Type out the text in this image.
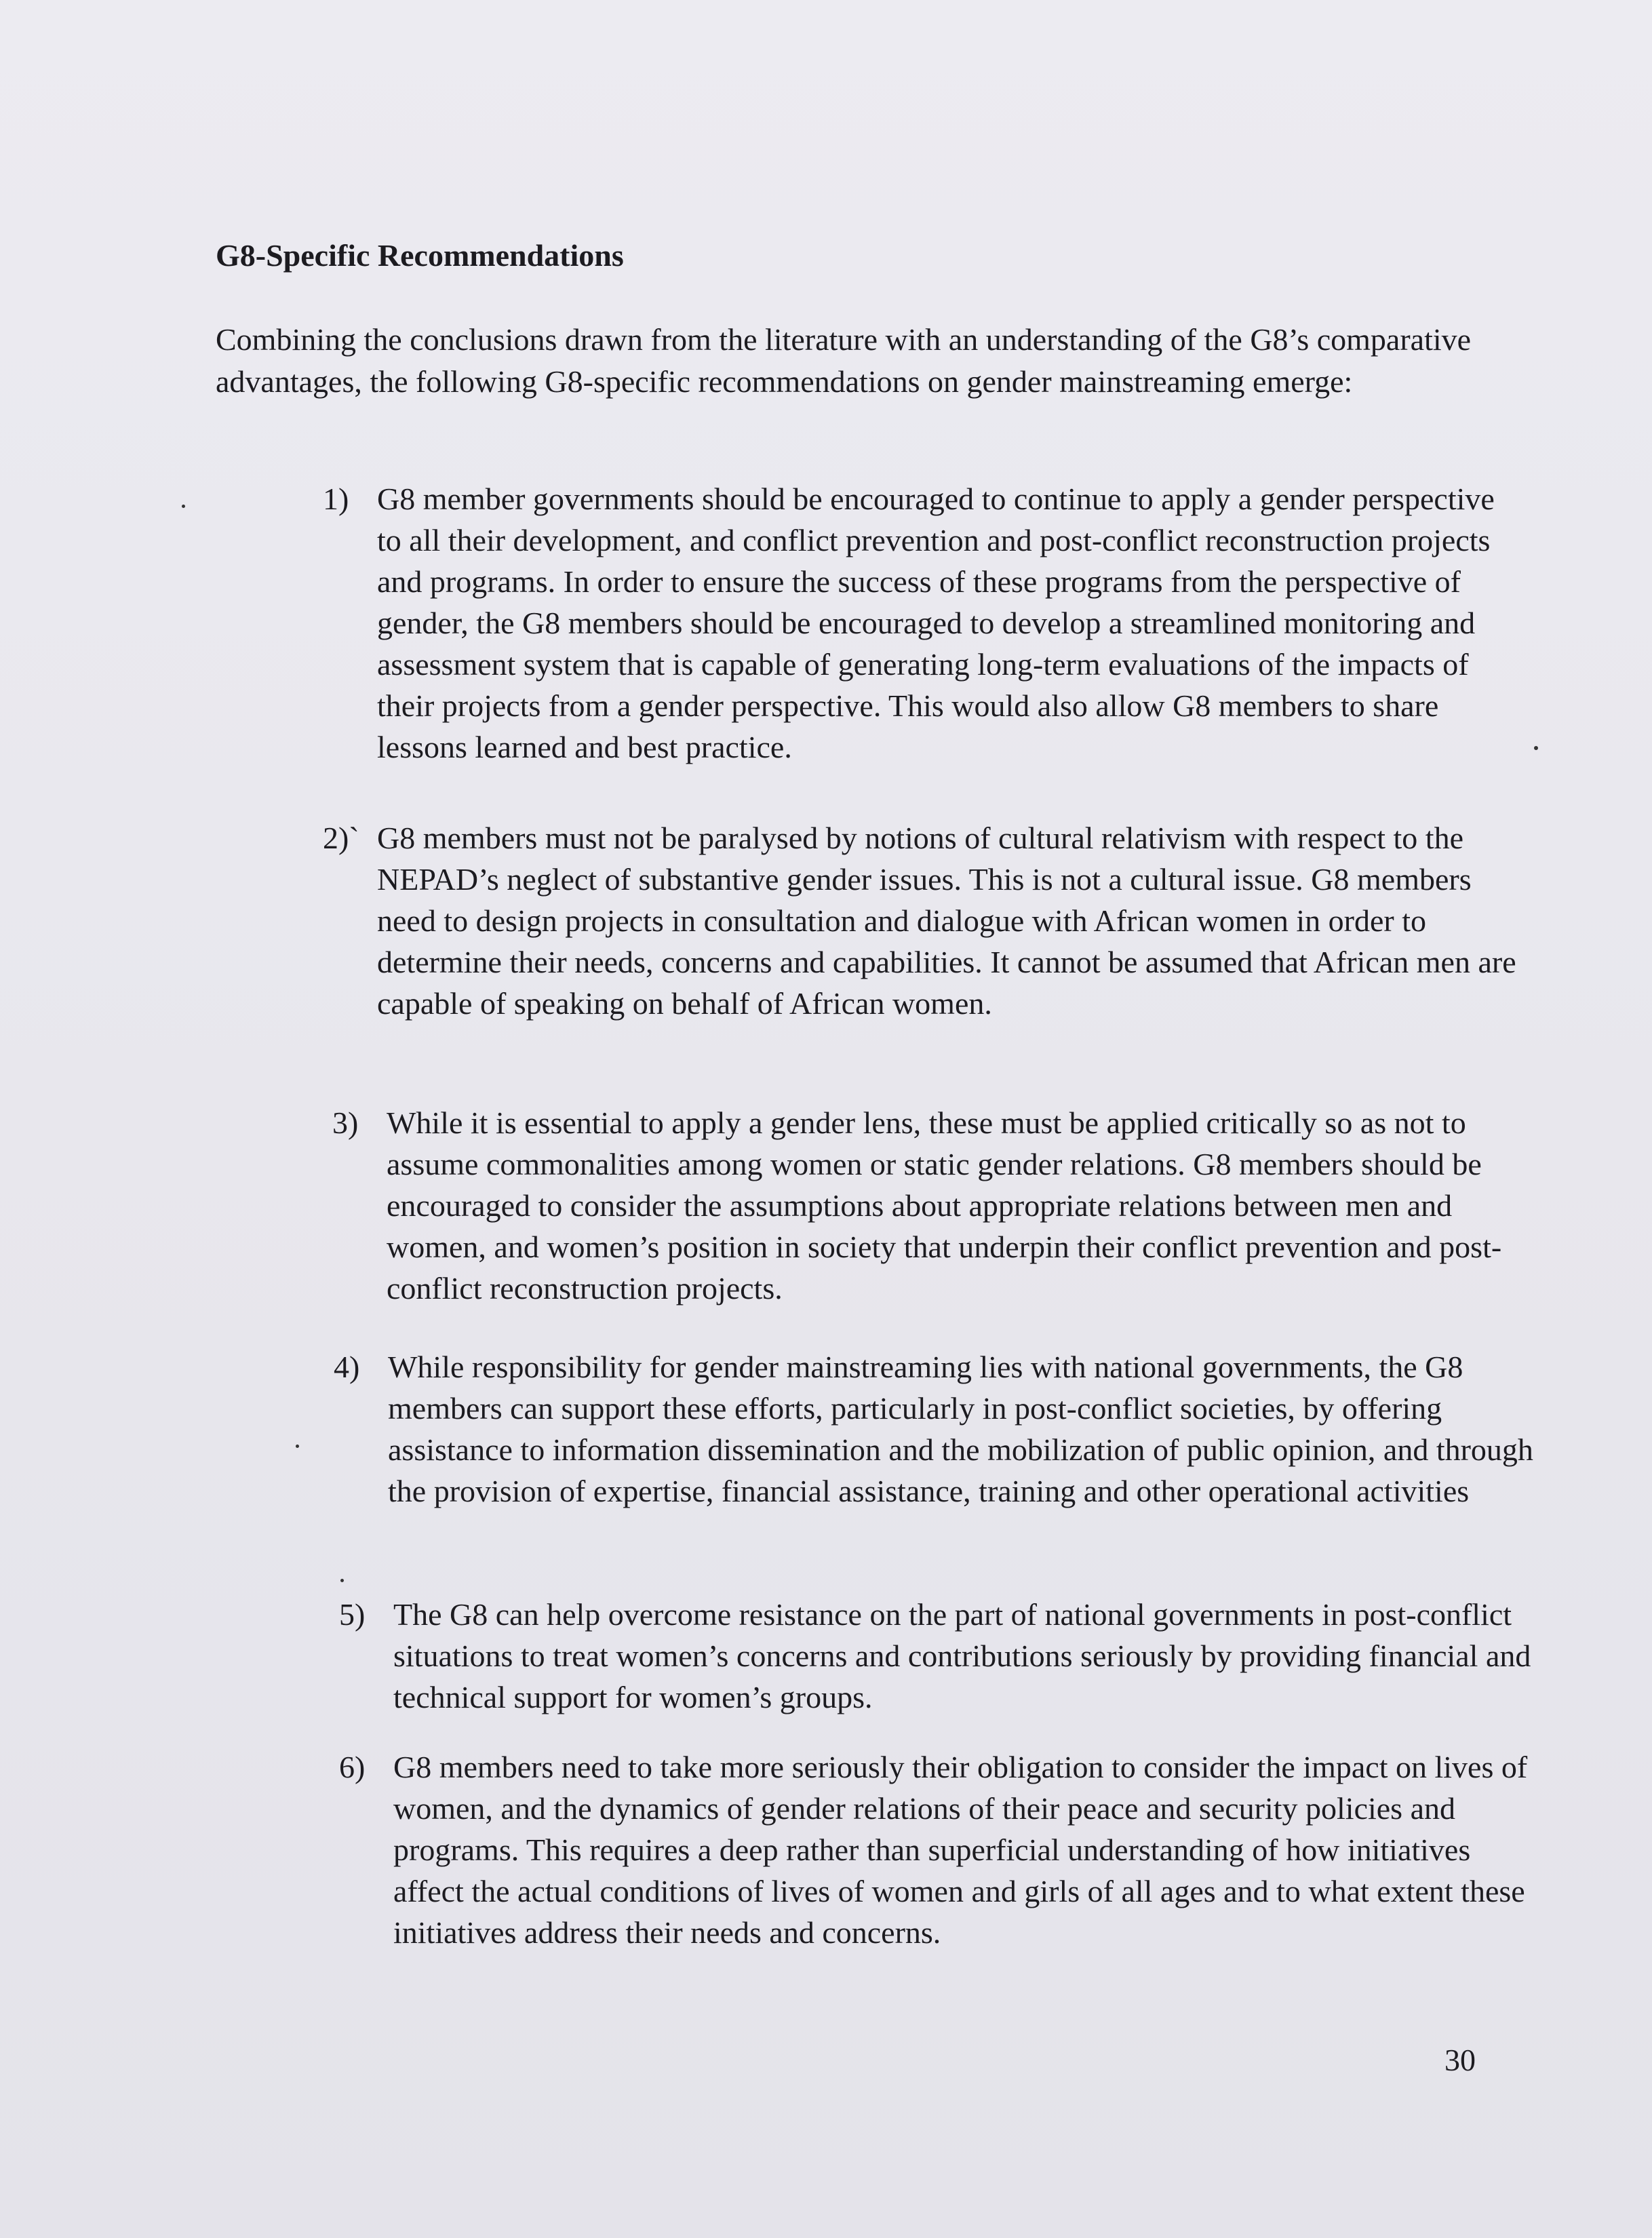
G8-Specific Recommendations

Combining the conclusions drawn from the literature with an understanding of the G8’s comparative advantages, the following G8-specific recommendations on gender mainstreaming emerge:

1) G8 member governments should be encouraged to continue to apply a gender perspective to all their development, and conflict prevention and post-conflict reconstruction projects and programs. In order to ensure the success of these programs from the perspective of gender, the G8 members should be encouraged to develop a streamlined monitoring and assessment system that is capable of generating long-term evaluations of the impacts of their projects from a gender perspective. This would also allow G8 members to share lessons learned and best practice.

2)` G8 members must not be paralysed by notions of cultural relativism with respect to the NEPAD’s neglect of substantive gender issues. This is not a cultural issue. G8 members need to design projects in consultation and dialogue with African women in order to determine their needs, concerns and capabilities. It cannot be assumed that African men are capable of speaking on behalf of African women.

3) While it is essential to apply a gender lens, these must be applied critically so as not to assume commonalities among women or static gender relations. G8 members should be encouraged to consider the assumptions about appropriate relations between men and women, and women’s position in society that underpin their conflict prevention and post-conflict reconstruction projects.

4) While responsibility for gender mainstreaming lies with national governments, the G8 members can support these efforts, particularly in post-conflict societies, by offering assistance to information dissemination and the mobilization of public opinion, and through the provision of expertise, financial assistance, training and other operational activities

5) The G8 can help overcome resistance on the part of national governments in post-conflict situations to treat women’s concerns and contributions seriously by providing financial and technical support for women’s groups.

6) G8 members need to take more seriously their obligation to consider the impact on lives of women, and the dynamics of gender relations of their peace and security policies and programs. This requires a deep rather than superficial understanding of how initiatives affect the actual conditions of lives of women and girls of all ages and to what extent these initiatives address their needs and concerns.

30
